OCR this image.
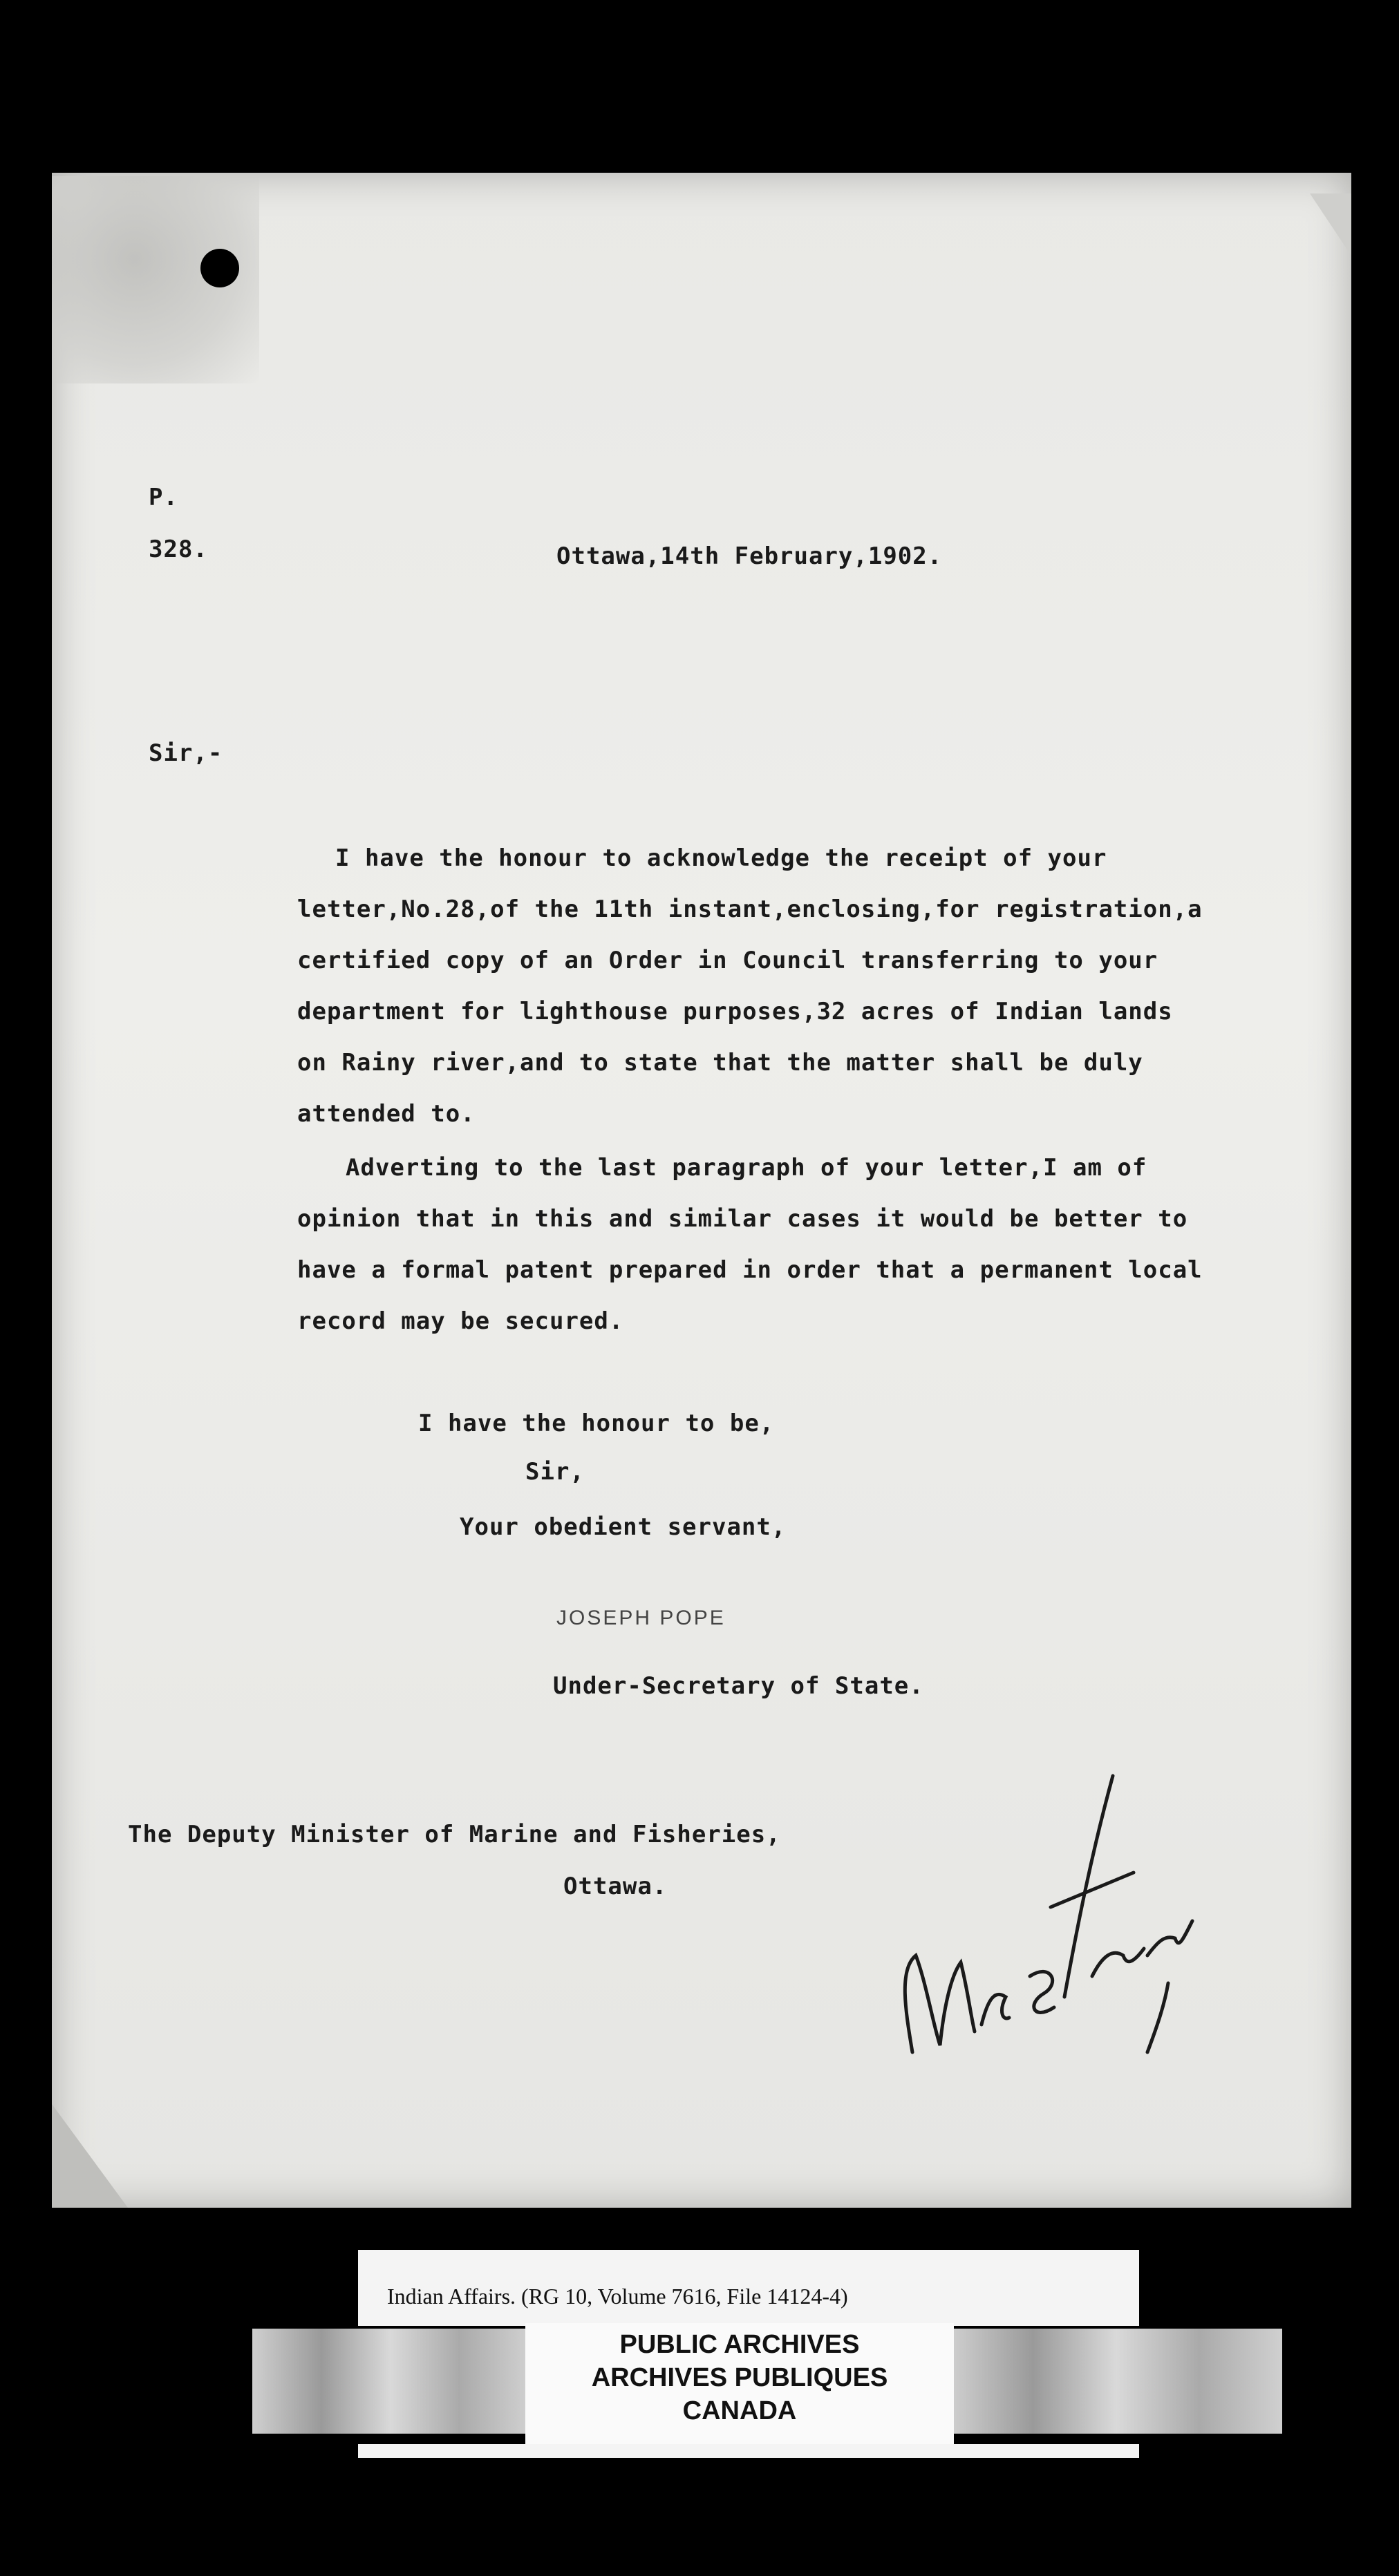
P.
328.	Ottawa,14th February,1902.
Sir,-
I have the honour to acknowledge the receipt of your
letter,No.28,of the 11th instant,enclosing,for registration,a
certified copy of an Order in Council transferring to your
department for lighthouse purposes,32 acres of Indian lands
on Rainy river,and to state that the matter shall be duly
attended to.
Adverting to the last paragraph of your letter,I am of
opinion that in this and similar cases it would be better to
have a formal patent prepared in order that a permanent local
record may be secured.
I have the honour to be,
Sir,
Your obedient servant,
JOSEPH POPE
Under-Secretary of State.
The Deputy Minister of Marine and Fisheries,
Ottawa.
Indian Affairs. (RG 10, Volume 7616, File 14124-4)
PUBLIC ARCHIVES
ARCHIVES PUBLIQUES
CANADA
